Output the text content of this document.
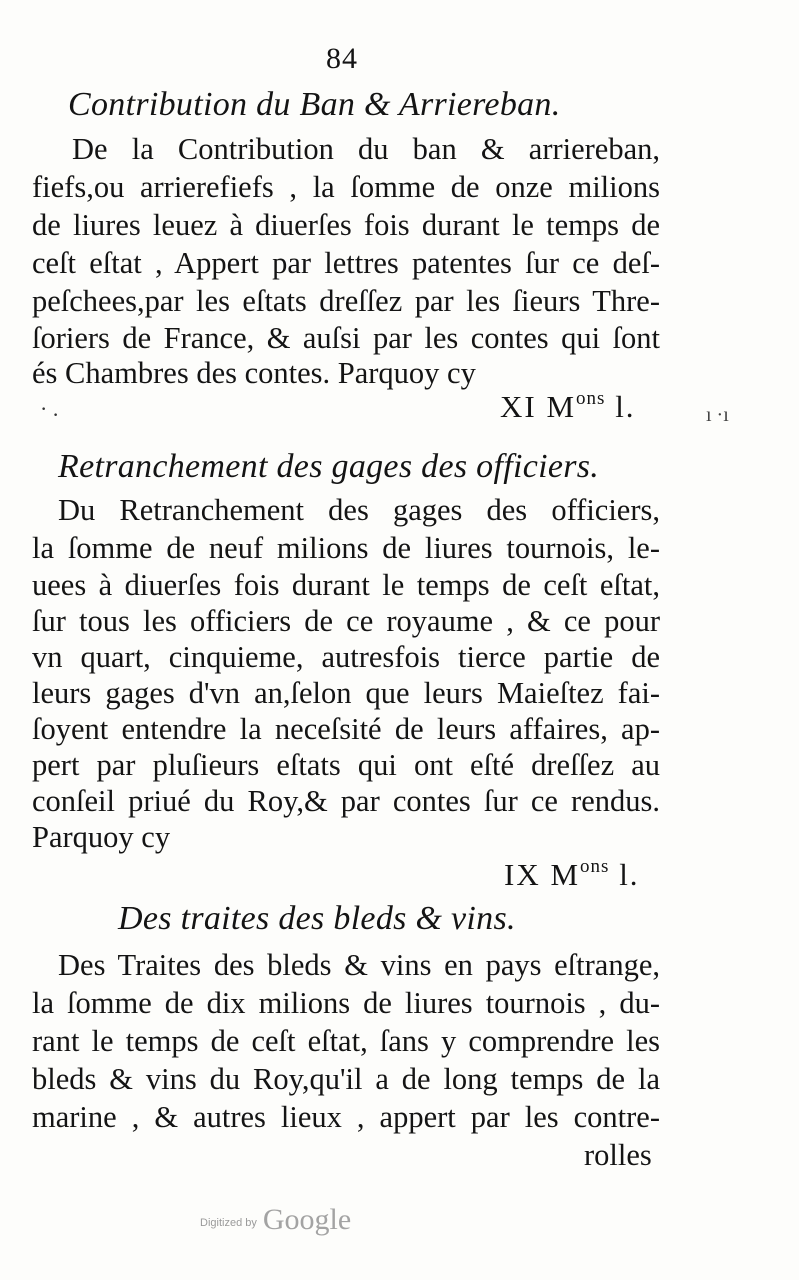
84
Contribution du Ban & Arriereban.
De la Contribution du ban & arriereban,
fiefs,ou arrierefiefs , la ſomme de onze milions
de liures leuez à diuerſes fois durant le temps de
ceſt eſtat , Appert par lettres patentes ſur ce deſ-
peſchees,par les eſtats dreſſez par les ſieurs Thre-
ſoriers de France, & auſsi par les contes qui ſont
és Chambres des contes. Parquoy cy
· .	XI $M^{ons}$ l.	ı ·ı
Retranchement des gages des officiers.
Du Retranchement des gages des officiers,
la ſomme de neuf milions de liures tournois, le-
uees à diuerſes fois durant le temps de ceſt eſtat,
ſur tous les officiers de ce royaume , & ce pour
vn quart, cinquieme, autresfois tierce partie de
leurs gages d'vn an,ſelon que leurs Maieſtez fai-
ſoyent entendre la neceſsité de leurs affaires, ap-
pert par pluſieurs eſtats qui ont eſté dreſſez au
conſeil priué du Roy,& par contes ſur ce rendus.
Parquoy cy
IX $M^{ons}$ l.
Des traites des bleds & vins.
Des Traites des bleds & vins en pays eſtrange,
la ſomme de dix milions de liures tournois , du-
rant le temps de ceſt eſtat, ſans y comprendre les
bleds & vins du Roy,qu'il a de long temps de la
marine , & autres lieux , appert par les contre-
rolles
Digitized by Google
